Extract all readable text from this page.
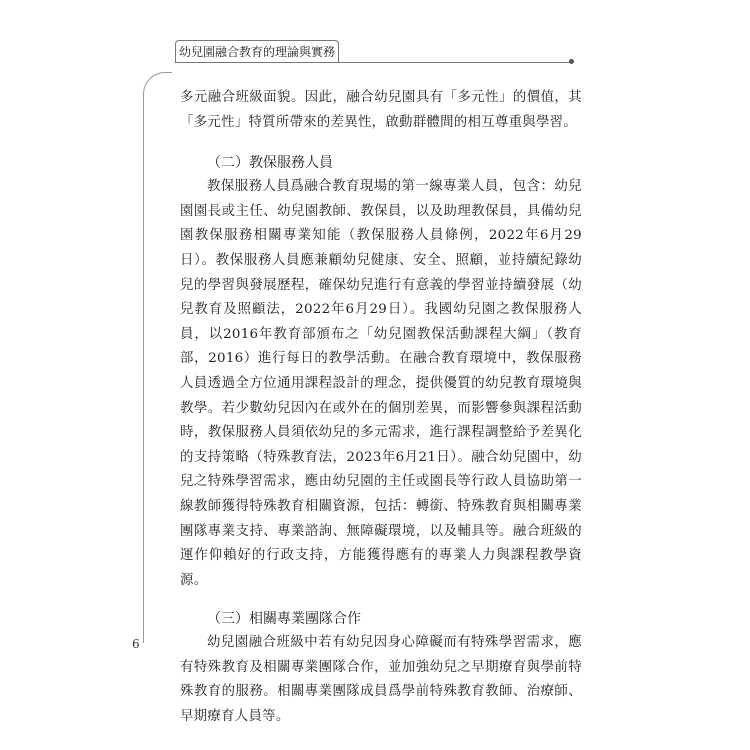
幼兒園融合教育的理論與實務
6

多元融合班級面貌。因此，融合幼兒園具有「多元性」的價值，其「多元性」特質所帶來的差異性，啟動群體間的相互尊重與學習。

（二）教保服務人員

教保服務人員爲融合教育現場的第一線專業人員，包含：幼兒園園長或主任、幼兒園教師、教保員，以及助理教保員，具備幼兒園教保服務相關專業知能（教保服務人員條例，2022年6月29日）。教保服務人員應兼顧幼兒健康、安全、照顧，並持續紀錄幼兒的學習與發展歷程，確保幼兒進行有意義的學習並持續發展（幼兒教育及照顧法，2022年6月29日）。我國幼兒園之教保服務人員，以2016年教育部頒布之「幼兒園教保活動課程大綱」（教育部，2016）進行每日的教學活動。在融合教育環境中，教保服務人員透過全方位通用課程設計的理念，提供優質的幼兒教育環境與教學。若少數幼兒因內在或外在的個別差異，而影響參與課程活動時，教保服務人員須依幼兒的多元需求，進行課程調整給予差異化的支持策略（特殊教育法，2023年6月21日）。融合幼兒園中，幼兒之特殊學習需求，應由幼兒園的主任或園長等行政人員協助第一線教師獲得特殊教育相關資源，包括：轉銜、特殊教育與相關專業團隊專業支持、專業諮詢、無障礙環境，以及輔具等。融合班級的運作仰賴好的行政支持，方能獲得應有的專業人力與課程教學資源。

（三）相關專業團隊合作

幼兒園融合班級中若有幼兒因身心障礙而有特殊學習需求，應有特殊教育及相關專業團隊合作，並加強幼兒之早期療育與學前特殊教育的服務。相關專業團隊成員爲學前特殊教育教師、治療師、早期療育人員等。
